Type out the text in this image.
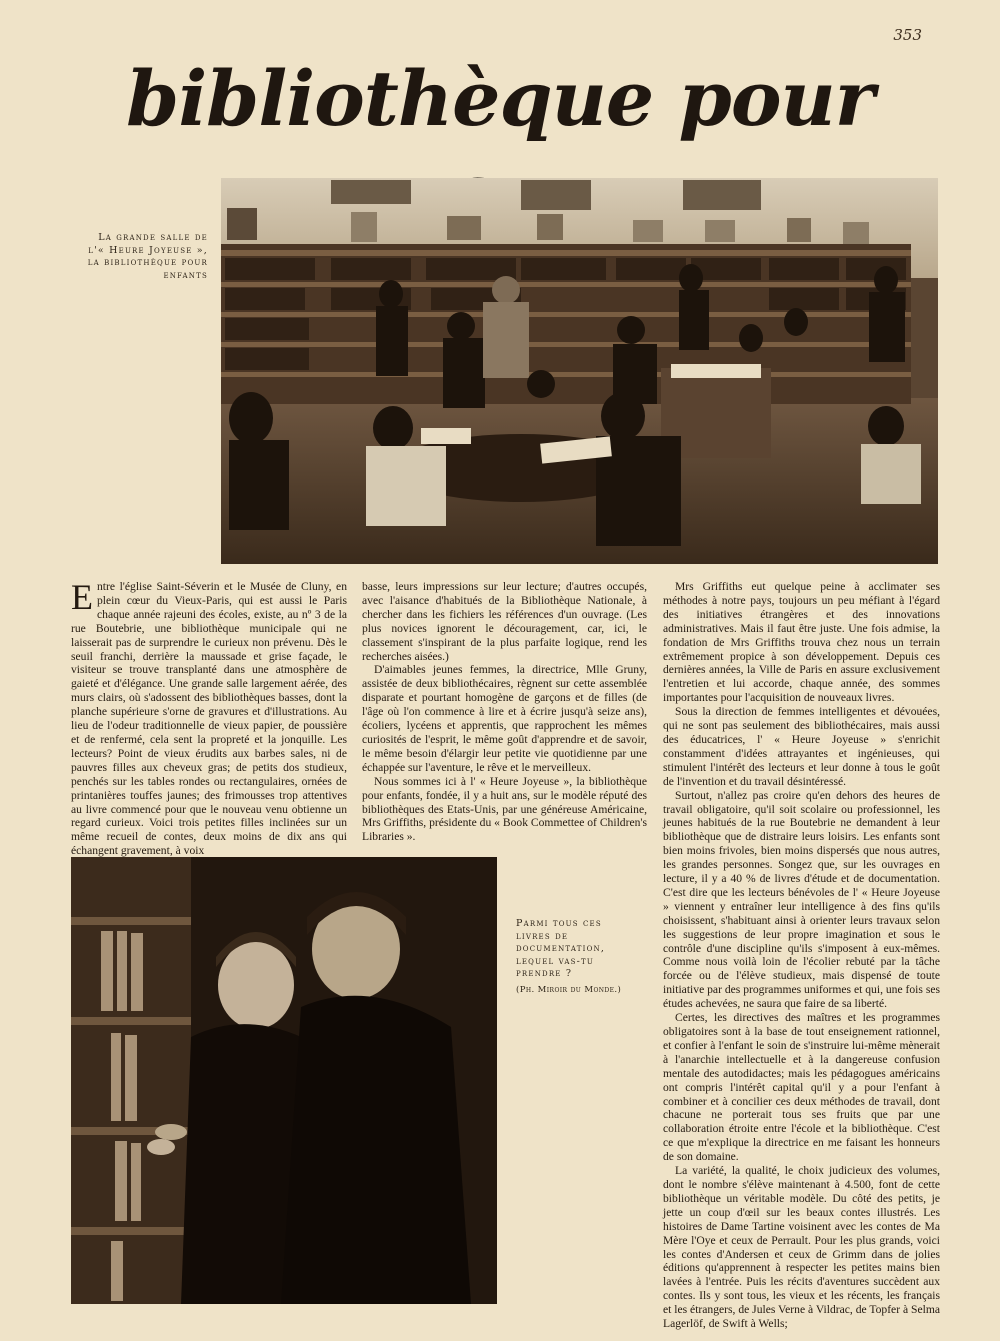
353
bibliothèque pour
La grande salle de l'« Heure Joyeuse », la bibliothèque pour enfants

Entre l'église Saint-Séverin et le Musée de Cluny, en plein cœur du Vieux-Paris, qui est aussi le Paris chaque année rajeuni des écoles, existe, au nº 3 de la rue Boutebrie, une bibliothèque municipale qui ne laisserait pas de surprendre le curieux non prévenu. Dès le seuil franchi, derrière la maussade et grise façade, le visiteur se trouve transplanté dans une atmosphère de gaieté et d'élégance. Une grande salle largement aérée, des murs clairs, où s'adossent des bibliothèques basses, dont la planche supérieure s'orne de gravures et d'illustrations. Au lieu de l'odeur traditionnelle de vieux papier, de poussière et de renfermé, cela sent la propreté et la jonquille. Les lecteurs? Point de vieux érudits aux barbes sales, ni de pauvres filles aux cheveux gras; de petits dos studieux, penchés sur les tables rondes ou rectangulaires, ornées de printanières touffes jaunes; des frimousses trop attentives au livre commencé pour que le nouveau venu obtienne un regard curieux. Voici trois petites filles inclinées sur un même recueil de contes, deux moins de dix ans qui échangent gravement, à voix

basse, leurs impressions sur leur lecture; d'autres occupés, avec l'aisance d'habitués de la Bibliothèque Nationale, à chercher dans les fichiers les références d'un ouvrage. (Les plus novices ignorent le découragement, car, ici, le classement s'inspirant de la plus parfaite logique, rend les recherches aisées.)

D'aimables jeunes femmes, la directrice, Mlle Gruny, assistée de deux bibliothécaires, règnent sur cette assemblée disparate et pourtant homogène de garçons et de filles (de l'âge où l'on commence à lire et à écrire jusqu'à seize ans), écoliers, lycéens et apprentis, que rapprochent les mêmes curiosités de l'esprit, le même goût d'apprendre et de savoir, le même besoin d'élargir leur petite vie quotidienne par une échappée sur l'aventure, le rêve et le merveilleux.

Nous sommes ici à l' « Heure Joyeuse », la bibliothèque pour enfants, fondée, il y a huit ans, sur le modèle réputé des bibliothèques des Etats-Unis, par une généreuse Américaine, Mrs Griffiths, présidente du « Book Commettee of Children's Libraries ».

Mrs Griffiths eut quelque peine à acclimater ses méthodes à notre pays, toujours un peu méfiant à l'égard des initiatives étrangères et des innovations administratives. Mais il faut être juste. Une fois admise, la fondation de Mrs Griffiths trouva chez nous un terrain extrêmement propice à son développement. Depuis ces dernières années, la Ville de Paris en assure exclusivement l'entretien et lui accorde, chaque année, des sommes importantes pour l'acquisition de nouveaux livres.

Sous la direction de femmes intelligentes et dévouées, qui ne sont pas seulement des bibliothécaires, mais aussi des éducatrices, l' « Heure Joyeuse » s'enrichit constamment d'idées attrayantes et ingénieuses, qui stimulent l'intérêt des lecteurs et leur donne à tous le goût de l'invention et du travail désintéressé.

Surtout, n'allez pas croire qu'en dehors des heures de travail obligatoire, qu'il soit scolaire ou professionnel, les jeunes habitués de la rue Boutebrie ne demandent à leur bibliothèque que de distraire leurs loisirs. Les enfants sont bien moins frivoles, bien moins dispersés que nous autres, les grandes personnes. Songez que, sur les ouvrages en lecture, il y a 40 % de livres d'étude et de documentation. C'est dire que les lecteurs bénévoles de l' « Heure Joyeuse » viennent y entraîner leur intelligence à des fins qu'ils choisissent, s'habituant ainsi à orienter leurs travaux selon les suggestions de leur propre imagination et sous le contrôle d'une discipline qu'ils s'imposent à eux-mêmes. Comme nous voilà loin de l'écolier rebuté par la tâche forcée ou de l'élève studieux, mais dispensé de toute initiative par des programmes uniformes et qui, une fois ses études achevées, ne saura que faire de sa liberté.

Certes, les directives des maîtres et les programmes obligatoires sont à la base de tout enseignement rationnel, et confier à l'enfant le soin de s'instruire lui-même mènerait à l'anarchie intellectuelle et à la dangereuse confusion mentale des autodidactes; mais les pédagogues américains ont compris l'intérêt capital qu'il y a pour l'enfant à combiner et à concilier ces deux méthodes de travail, dont chacune ne porterait tous ses fruits que par une collaboration étroite entre l'école et la bibliothèque. C'est ce que m'explique la directrice en me faisant les honneurs de son domaine.

La variété, la qualité, le choix judicieux des volumes, dont le nombre s'élève maintenant à 4.500, font de cette bibliothèque un véritable modèle. Du côté des petits, je jette un coup d'œil sur les beaux contes illustrés. Les histoires de Dame Tartine voisinent avec les contes de Ma Mère l'Oye et ceux de Perrault. Pour les plus grands, voici les contes d'Andersen et ceux de Grimm dans de jolies éditions qu'apprennent à respecter les petites mains bien lavées à l'entrée. Puis les récits d'aventures succèdent aux contes. Ils y sont tous, les vieux et les récents, les français et les étrangers, de Jules Verne à Vildrac, de Topfer à Selma Lagerlöf, de Swift à Wells;

Parmi tous ces livres de documentation, lequel vas-tu prendre ?
(Ph. Miroir du Monde.)
